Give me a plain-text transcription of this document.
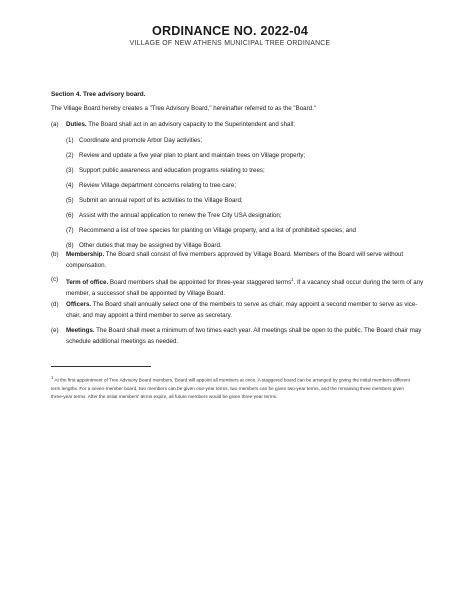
ORDINANCE NO. 2022-04
VILLAGE OF NEW ATHENS MUNICIPAL TREE ORDINANCE
Section 4. Tree advisory board.
The Village Board hereby creates a "Tree Advisory Board," hereinafter referred to as the "Board."
(a) Duties. The Board shall act in an advisory capacity to the Superintendent and shall:
(1) Coordinate and promote Arbor Day activities;
(2) Review and update a five year plan to plant and maintain trees on Village property;
(3) Support public awareness and education programs relating to trees;
(4) Review Village department concerns relating to tree care;
(5) Submit an annual report of its activities to the Village Board;
(6) Assist with the annual application to renew the Tree City USA designation;
(7) Recommend a list of tree species for planting on Village property, and a list of prohibited species; and
(8) Other duties that may be assigned by Village Board.
(b) Membership. The Board shall consist of five members approved by Village Board. Members of the Board will serve without compensation.
(c) Term of office. Board members shall be appointed for three-year staggered terms$^1$. If a vacancy shall occur during the term of any member, a successor shall be appointed by Village Board.
(d) Officers. The Board shall annually select one of the members to serve as chair, may appoint a second member to serve as vice-chair, and may appoint a third member to serve as secretary.
(e) Meetings. The Board shall meet a minimum of two times each year. All meetings shall be open to the public. The Board chair may schedule additional meetings as needed.
$^1$ At the first appointment of Tree Advisory Board members, Board will appoint all members at once. A staggered board can be arranged by giving the initial members different term lengths. For a seven-member board, two members can be given one-year terms, two members can be given two-year terms, and the remaining three members given three-year terms. After the initial members' terms expire, all future members would be given three-year terms.
